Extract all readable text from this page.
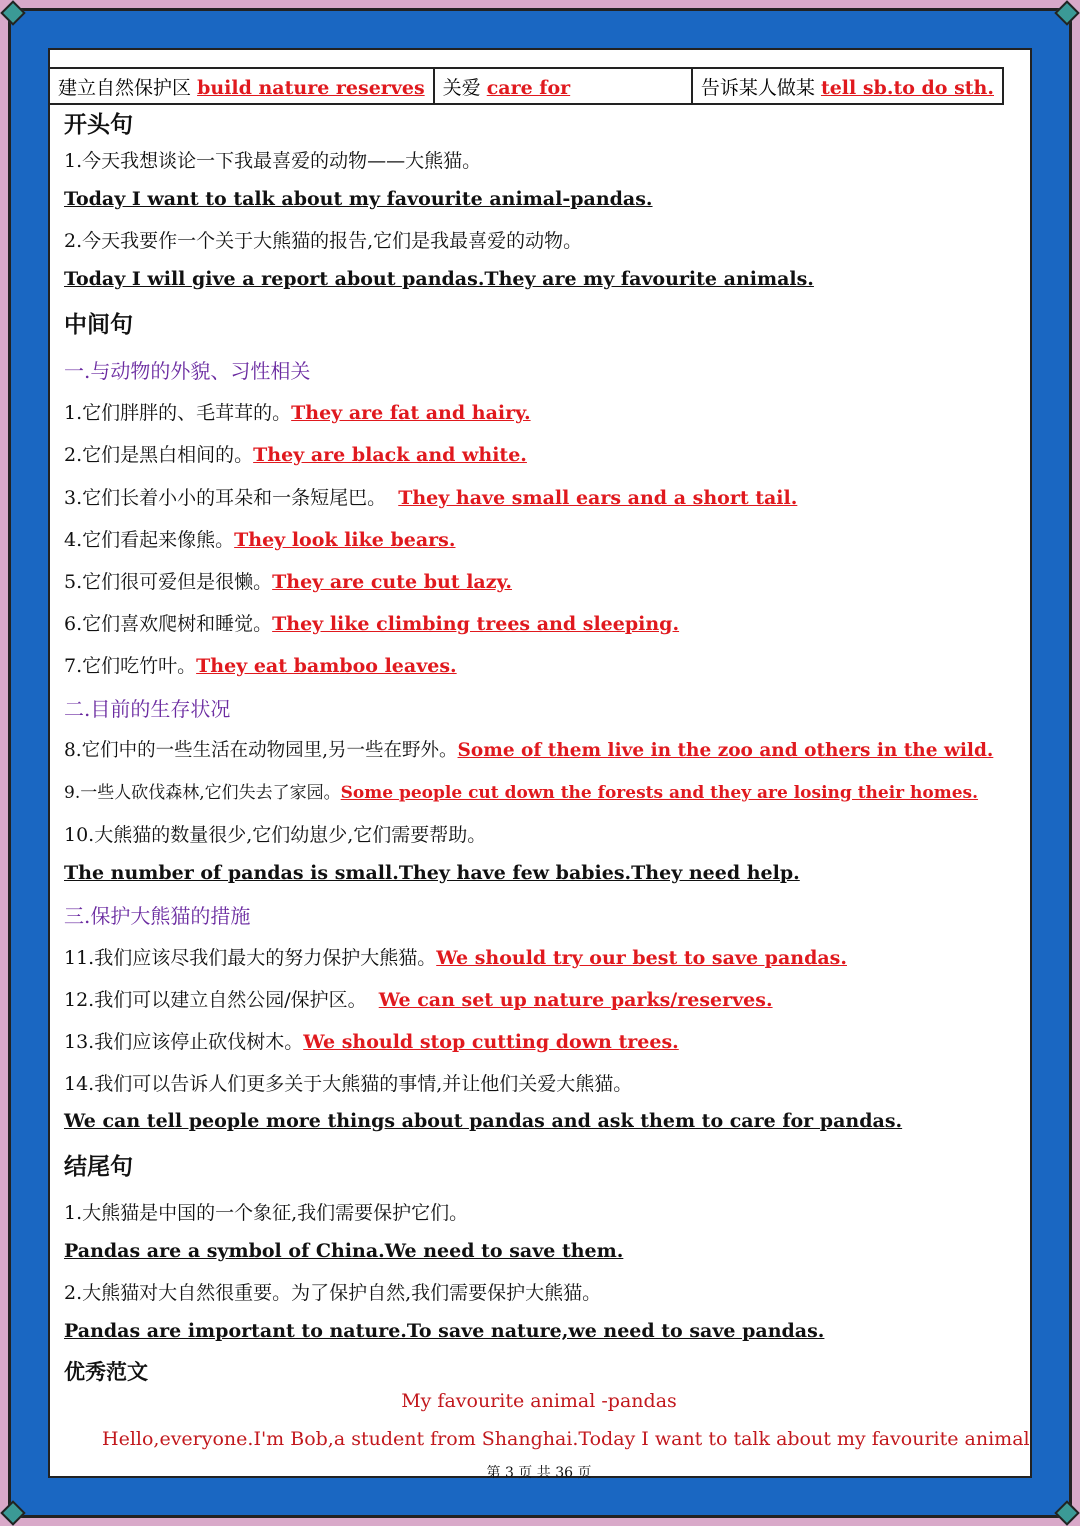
建立自然保护区 build nature reserves	关爱 care for	告诉某人做某 tell sb.to do sth.
开头句
1.今天我想谈论一下我最喜爱的动物——大熊猫。
Today I want to talk about my favourite animal-pandas.
2.今天我要作一个关于大熊猫的报告,它们是我最喜爱的动物。
Today I will give a report about pandas.They are my favourite animals.
中间句
一.与动物的外貌、习性相关
1.它们胖胖的、毛茸茸的。They are fat and hairy.
2.它们是黑白相间的。They are black and white.
3.它们长着小小的耳朵和一条短尾巴。 They have small ears and a short tail.
4.它们看起来像熊。They look like bears.
5.它们很可爱但是很懒。They are cute but lazy.
6.它们喜欢爬树和睡觉。They like climbing trees and sleeping.
7.它们吃竹叶。They eat bamboo leaves.
二.目前的生存状况
8.它们中的一些生活在动物园里,另一些在野外。Some of them live in the zoo and others in the wild.
9.一些人砍伐森林,它们失去了家园。Some people cut down the forests and they are losing their homes.
10.大熊猫的数量很少,它们幼崽少,它们需要帮助。
The number of pandas is small.They have few babies.They need help.
三.保护大熊猫的措施
11.我们应该尽我们最大的努力保护大熊猫。We should try our best to save pandas.
12.我们可以建立自然公园/保护区。 We can set up nature parks/reserves.
13.我们应该停止砍伐树木。We should stop cutting down trees.
14.我们可以告诉人们更多关于大熊猫的事情,并让他们关爱大熊猫。
We can tell people more things about pandas and ask them to care for pandas.
结尾句
1.大熊猫是中国的一个象征,我们需要保护它们。
Pandas are a symbol of China.We need to save them.
2.大熊猫对大自然很重要。为了保护自然,我们需要保护大熊猫。
Pandas are important to nature.To save nature,we need to save pandas.
优秀范文
My favourite animal -pandas
Hello,everyone.I'm Bob,a student from Shanghai.Today I want to talk about my favourite animal
第 3 页 共 36 页
